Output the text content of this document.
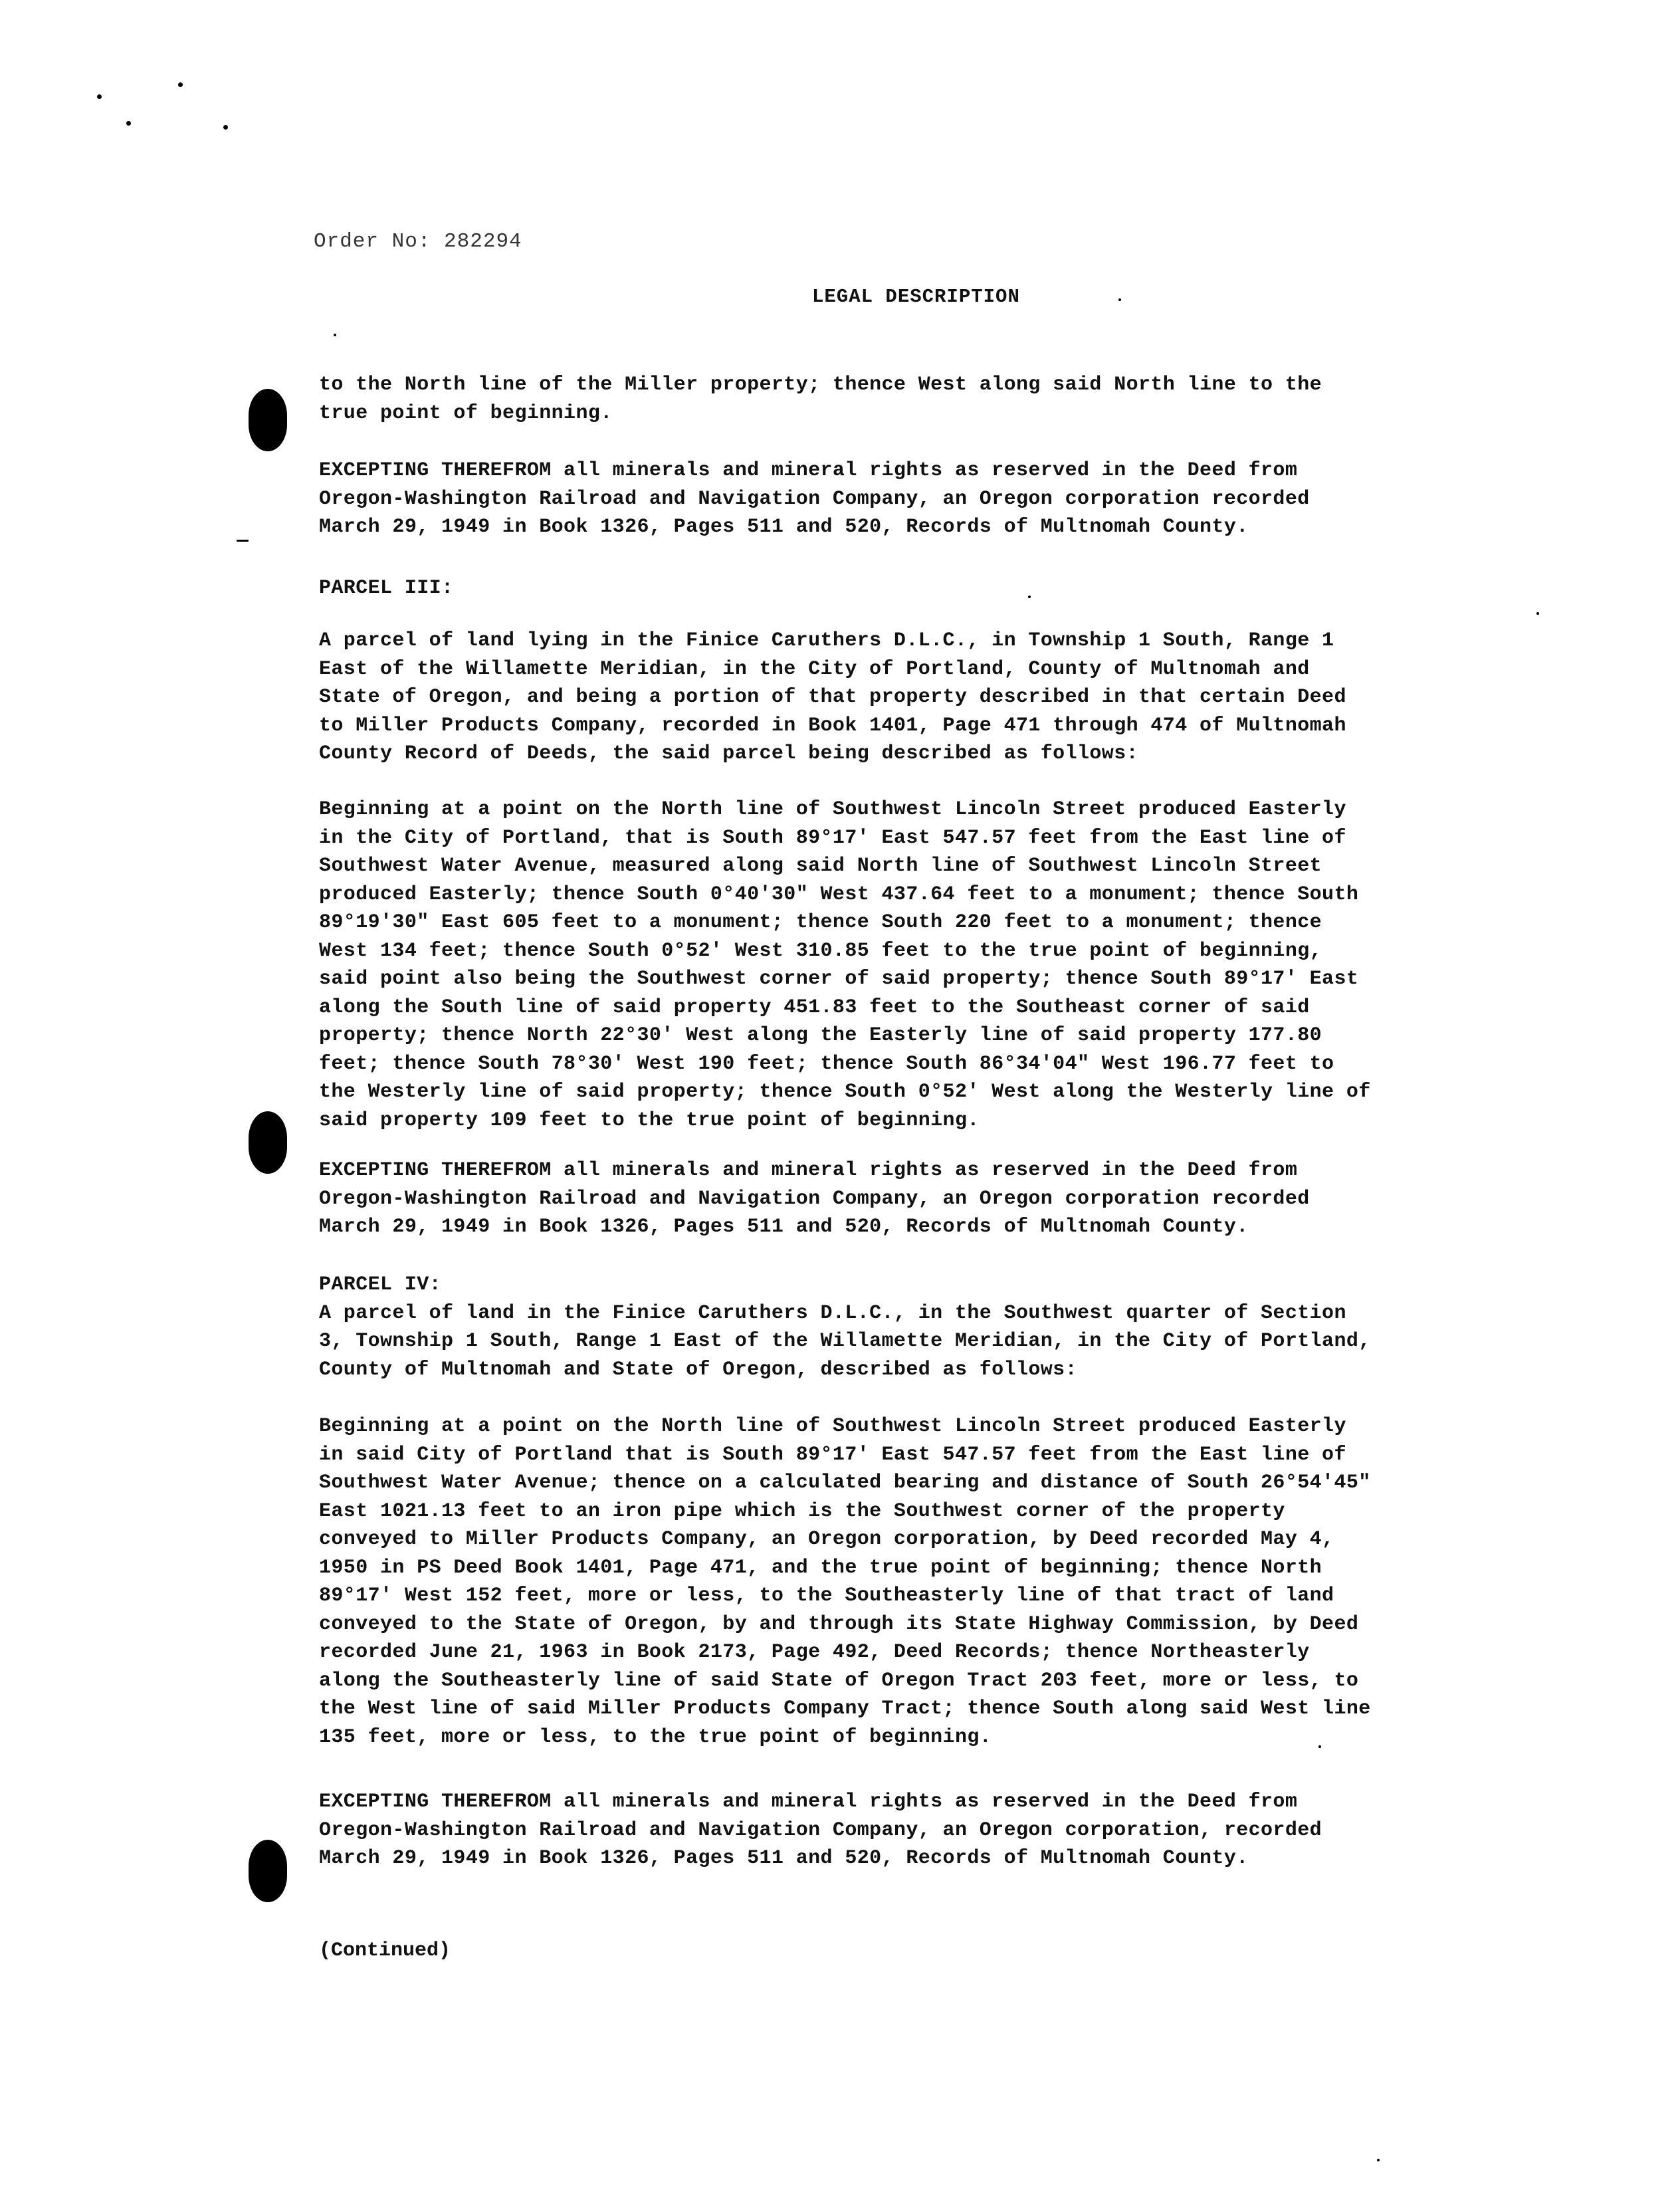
Order No: 282294
LEGAL DESCRIPTION
to the North line of the Miller property; thence West along said North line to the
true point of beginning.
EXCEPTING THEREFROM all minerals and mineral rights as reserved in the Deed from
Oregon-Washington Railroad and Navigation Company, an Oregon corporation recorded
March 29, 1949 in Book 1326, Pages 511 and 520, Records of Multnomah County.
PARCEL III:
A parcel of land lying in the Finice Caruthers D.L.C., in Township 1 South, Range 1
East of the Willamette Meridian, in the City of Portland, County of Multnomah and
State of Oregon, and being a portion of that property described in that certain Deed
to Miller Products Company, recorded in Book 1401, Page 471 through 474 of Multnomah
County Record of Deeds, the said parcel being described as follows:
Beginning at a point on the North line of Southwest Lincoln Street produced Easterly
in the City of Portland, that is South 89°17' East 547.57 feet from the East line of
Southwest Water Avenue, measured along said North line of Southwest Lincoln Street
produced Easterly; thence South 0°40'30" West 437.64 feet to a monument; thence South
89°19'30" East 605 feet to a monument; thence South 220 feet to a monument; thence
West 134 feet; thence South 0°52' West 310.85 feet to the true point of beginning,
said point also being the Southwest corner of said property; thence South 89°17' East
along the South line of said property 451.83 feet to the Southeast corner of said
property; thence North 22°30' West along the Easterly line of said property 177.80
feet; thence South 78°30' West 190 feet; thence South 86°34'04" West 196.77 feet to
the Westerly line of said property; thence South 0°52' West along the Westerly line of
said property 109 feet to the true point of beginning.
EXCEPTING THEREFROM all minerals and mineral rights as reserved in the Deed from
Oregon-Washington Railroad and Navigation Company, an Oregon corporation recorded
March 29, 1949 in Book 1326, Pages 511 and 520, Records of Multnomah County.
PARCEL IV:
A parcel of land in the Finice Caruthers D.L.C., in the Southwest quarter of Section
3, Township 1 South, Range 1 East of the Willamette Meridian, in the City of Portland,
County of Multnomah and State of Oregon, described as follows:
Beginning at a point on the North line of Southwest Lincoln Street produced Easterly
in said City of Portland that is South 89°17' East 547.57 feet from the East line of
Southwest Water Avenue; thence on a calculated bearing and distance of South 26°54'45"
East 1021.13 feet to an iron pipe which is the Southwest corner of the property
conveyed to Miller Products Company, an Oregon corporation, by Deed recorded May 4,
1950 in PS Deed Book 1401, Page 471, and the true point of beginning; thence North
89°17' West 152 feet, more or less, to the Southeasterly line of that tract of land
conveyed to the State of Oregon, by and through its State Highway Commission, by Deed
recorded June 21, 1963 in Book 2173, Page 492, Deed Records; thence Northeasterly
along the Southeasterly line of said State of Oregon Tract 203 feet, more or less, to
the West line of said Miller Products Company Tract; thence South along said West line
135 feet, more or less, to the true point of beginning.
EXCEPTING THEREFROM all minerals and mineral rights as reserved in the Deed from
Oregon-Washington Railroad and Navigation Company, an Oregon corporation, recorded
March 29, 1949 in Book 1326, Pages 511 and 520, Records of Multnomah County.
(Continued)
